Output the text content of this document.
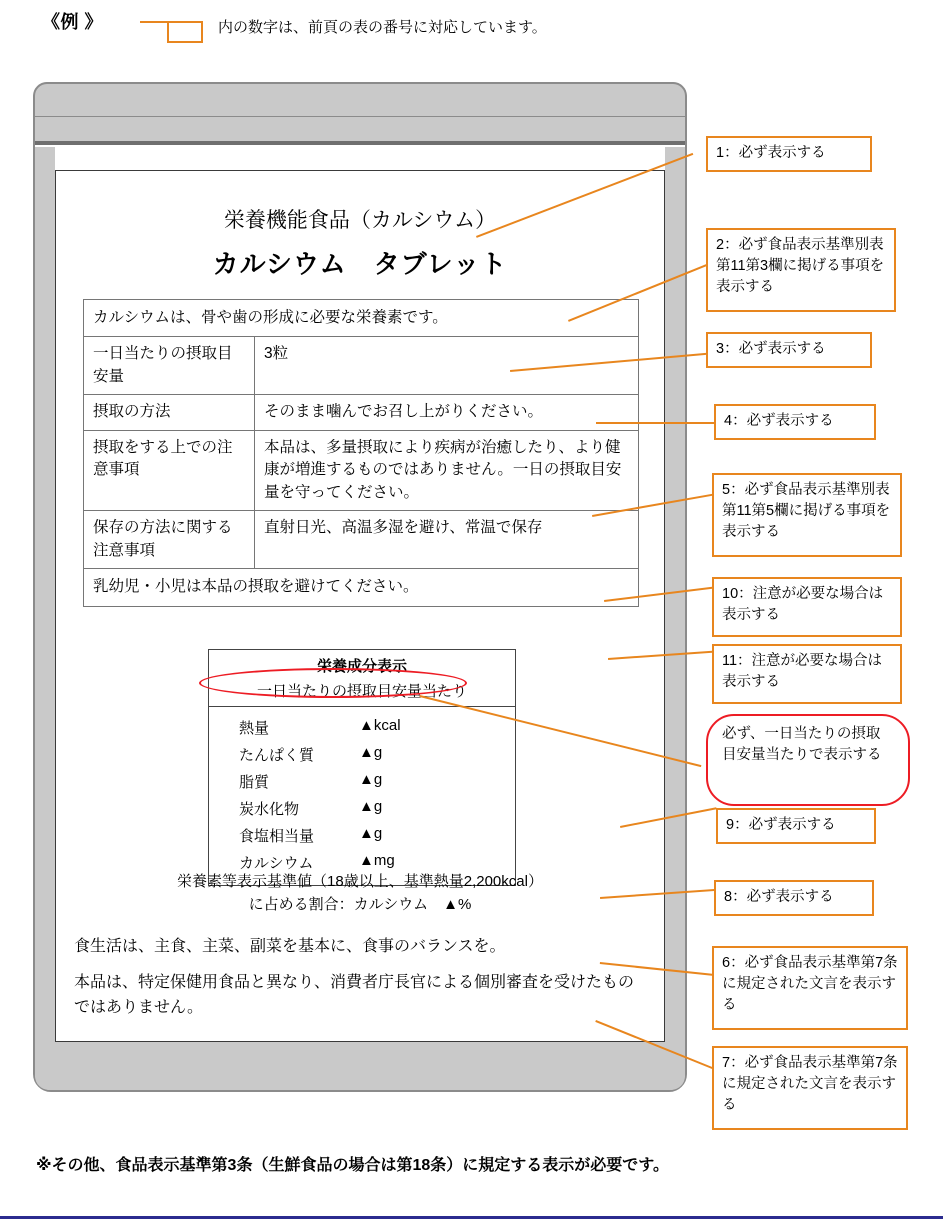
《例 》	内の数字は、前頁の表の番号に対応しています。
栄養機能食品（カルシウム）
カルシウム　タブレット
カルシウムは、骨や歯の形成に必要な栄養素です。	
一日当たりの摂取目安量	3粒
摂取の方法	そのまま噛んでお召し上がりください。
摂取をする上での注意事項	本品は、多量摂取により疾病が治癒したり、より健康が増進するものではありません。一日の摂取目安量を守ってください。
保存の方法に関する注意事項	直射日光、高温多湿を避け、常温で保存
乳幼児・小児は本品の摂取を避けてください。	
栄養成分表示
一日当たりの摂取目安量当たり
熱量	▲kcal
たんぱく質	▲g
脂質	▲g
炭水化物	▲g
食塩相当量	▲g
カルシウム	▲mg
栄養素等表示基準値（18歳以上、基準熱量2,200kcal）
に占める割合：カルシウム　▲%
食生活は、主食、主菜、副菜を基本に、食事のバランスを。
本品は、特定保健用食品と異なり、消費者庁長官による個別審査を受けたものではありません。
1：必ず表示する
2：必ず食品表示基準別表第11第3欄に掲げる事項を表示する
3：必ず表示する
4：必ず表示する
5：必ず食品表示基準別表第11第5欄に掲げる事項を表示する
10：注意が必要な場合は表示する
11：注意が必要な場合は表示する
必ず、一日当たりの摂取目安量当たりで表示する
9：必ず表示する
8：必ず表示する
6：必ず食品表示基準第7条に規定された文言を表示する
7：必ず食品表示基準第7条に規定された文言を表示する
※その他、食品表示基準第3条（生鮮食品の場合は第18条）に規定する表示が必要です。
